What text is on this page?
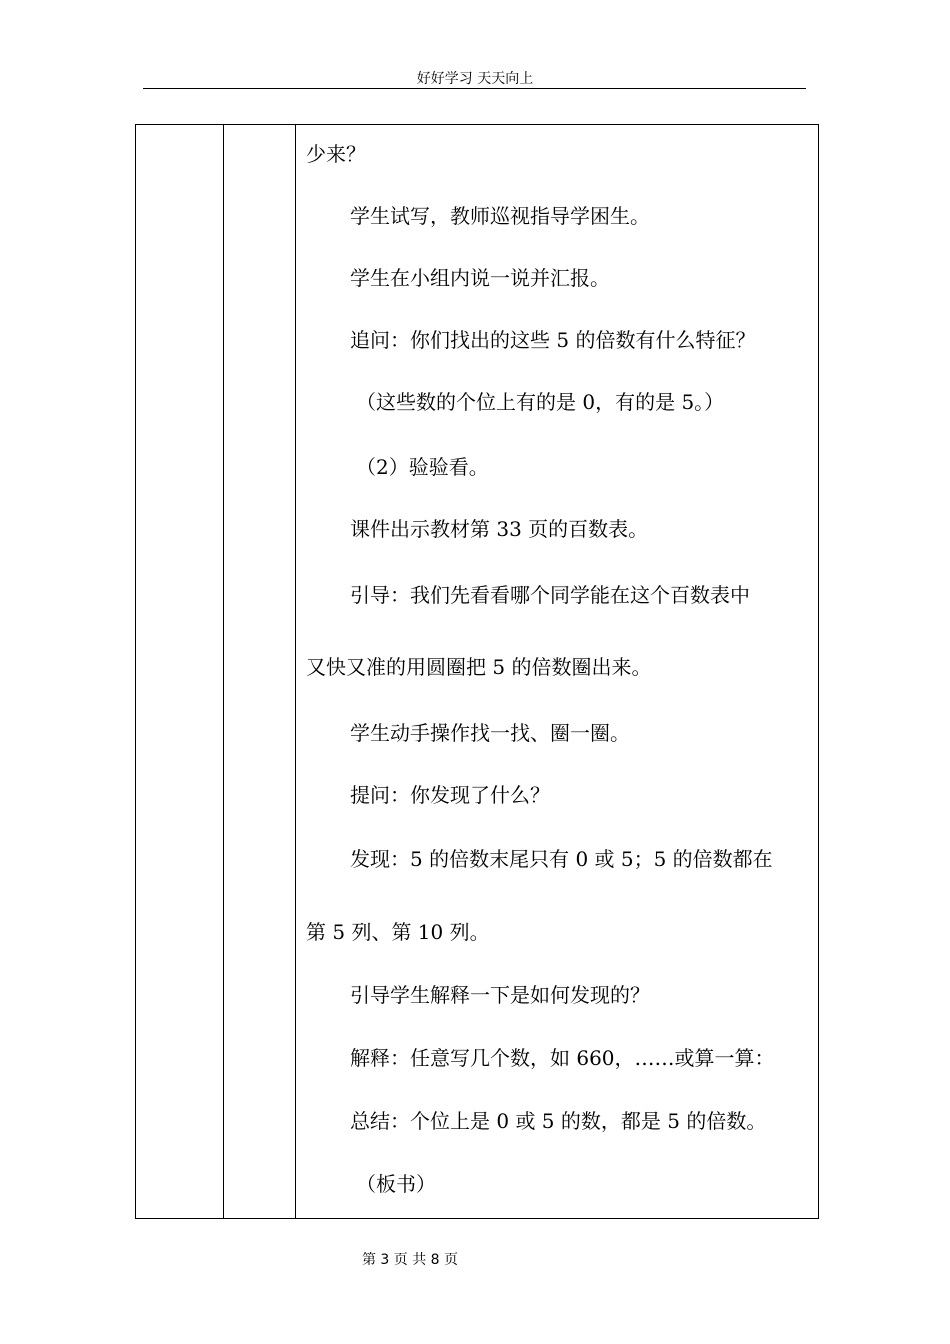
好好学习 天天向上
少来？
学生试写，教师巡视指导学困生。
学生在小组内说一说并汇报。
追问：你们找出的这些 5 的倍数有什么特征？
（这些数的个位上有的是 0，有的是 5。）
（2）验验看。
课件出示教材第 33 页的百数表。
引导：我们先看看哪个同学能在这个百数表中
又快又准的用圆圈把 5 的倍数圈出来。
学生动手操作找一找、圈一圈。
提问：你发现了什么？
发现：5 的倍数末尾只有 0 或 5；5 的倍数都在
第 5 列、第 10 列。
引导学生解释一下是如何发现的？
解释：任意写几个数，如 660，……或算一算：
总结：个位上是 0 或 5 的数，都是 5 的倍数。
（板书）
第 3 页 共 8 页
